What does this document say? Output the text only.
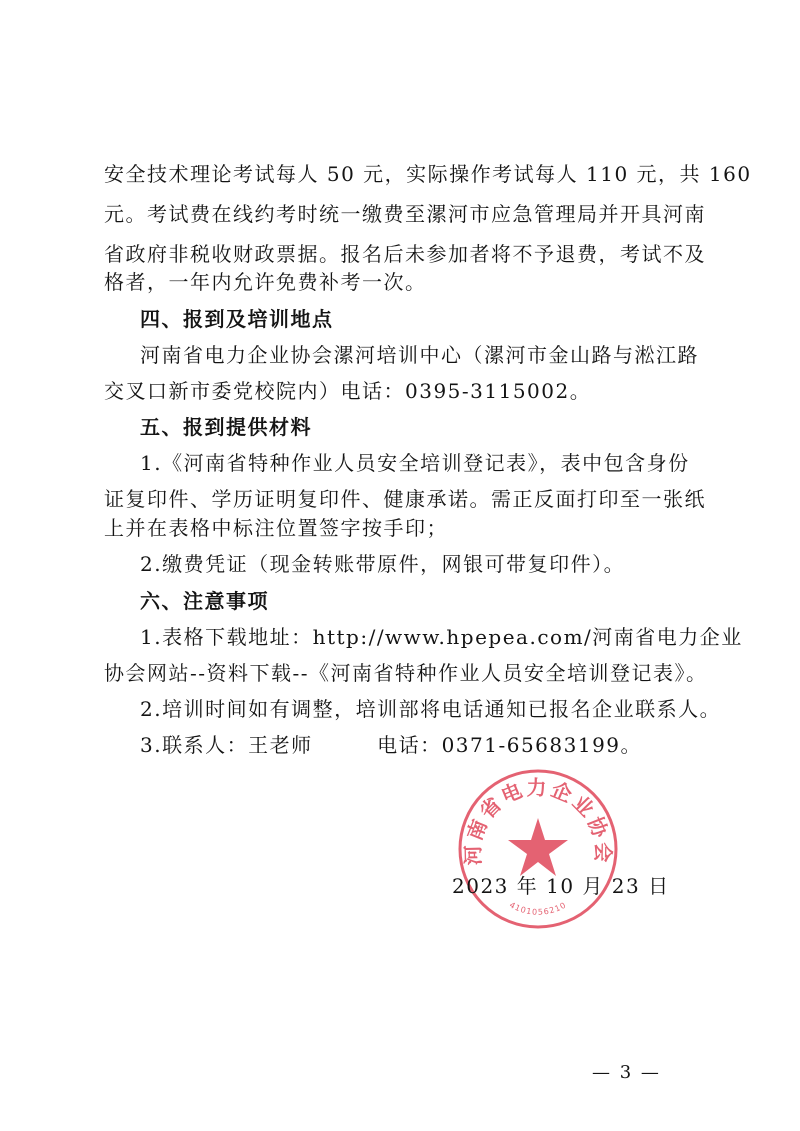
安全技术理论考试每人 50 元，实际操作考试每人 110 元，共 160
元。考试费在线约考时统一缴费至漯河市应急管理局并开具河南
省政府非税收财政票据。报名后未参加者将不予退费，考试不及
格者，一年内允许免费补考一次。
四、报到及培训地点
河南省电力企业协会漯河培训中心（漯河市金山路与淞江路
交叉口新市委党校院内）电话：0395-3115002。
五、报到提供材料
1.《河南省特种作业人员安全培训登记表》，表中包含身份
证复印件、学历证明复印件、健康承诺。需正反面打印至一张纸
上并在表格中标注位置签字按手印；
2.缴费凭证（现金转账带原件，网银可带复印件）。
六、注意事项
1.表格下载地址：http://www.hpepea.com/河南省电力企业
协会网站--资料下载--《河南省特种作业人员安全培训登记表》。
2.培训时间如有调整，培训部将电话通知已报名企业联系人。
3.联系人：王老师　　　电话：0371-65683199。
河南省电力企业协会
4101056210
2023 年 10 月 23 日
— 3 —
